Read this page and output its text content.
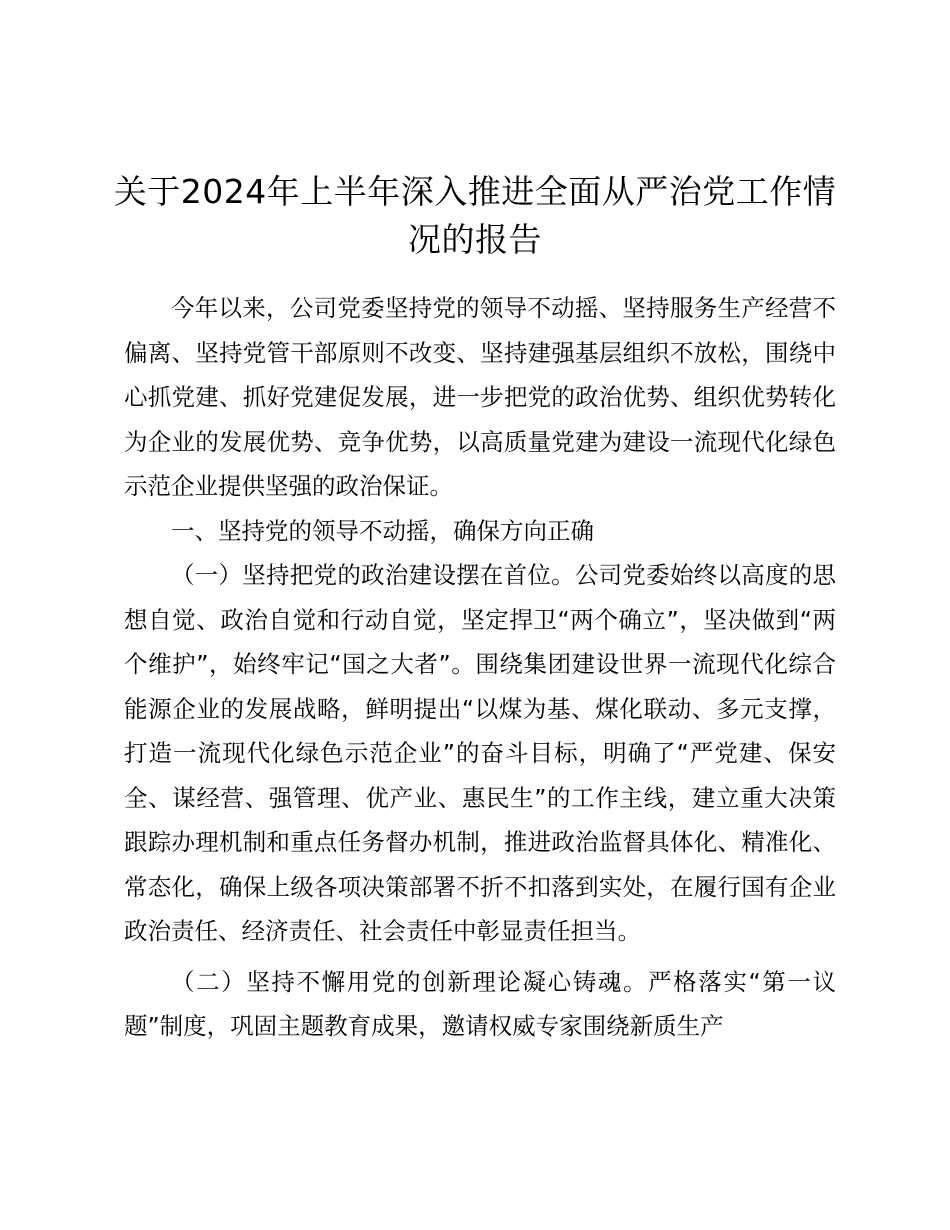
关于2024年上半年深入推进全面从严治党工作情况的报告

今年以来，公司党委坚持党的领导不动摇、坚持服务生产经营不偏离、坚持党管干部原则不改变、坚持建强基层组织不放松，围绕中心抓党建、抓好党建促发展，进一步把党的政治优势、组织优势转化为企业的发展优势、竞争优势，以高质量党建为建设一流现代化绿色示范企业提供坚强的政治保证。

一、坚持党的领导不动摇，确保方向正确

（一）坚持把党的政治建设摆在首位。公司党委始终以高度的思想自觉、政治自觉和行动自觉，坚定捍卫“两个确立”，坚决做到“两个维护”，始终牢记“国之大者”。围绕集团建设世界一流现代化综合能源企业的发展战略，鲜明提出“以煤为基、煤化联动、多元支撑，打造一流现代化绿色示范企业”的奋斗目标，明确了“严党建、保安全、谋经营、强管理、优产业、惠民生”的工作主线，建立重大决策跟踪办理机制和重点任务督办机制，推进政治监督具体化、精准化、常态化，确保上级各项决策部署不折不扣落到实处，在履行国有企业政治责任、经济责任、社会责任中彰显责任担当。

（二）坚持不懈用党的创新理论凝心铸魂。严格落实“第一议题”制度，巩固主题教育成果，邀请权威专家围绕新质生产
